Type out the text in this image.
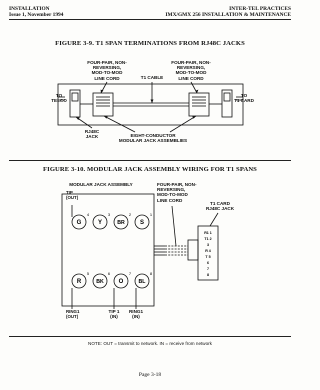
INSTALLATION
Issue 1, November 1994
INTER-TEL PRACTICES
IMX/GMX 256 INSTALLATION & MAINTENANCE
FIGURE 3-9. T1 SPAN TERMINATIONS FROM RJ48C JACKS
FOUR-PAIR, NON-
REVERSING,
MOD-TO-MOD
LINE CORD	T1 CABLE
FOUR-PAIR, NON-
REVERSING,
MOD-TO-MOD
LINE CORD
TO
TELCO
TO
T1 CARD
RJ48C
JACK	EIGHT-CONDUCTOR
MODULAR JACK ASSEMBLIES
FIGURE 3-10. MODULAR JACK ASSEMBLY WIRING FOR T1 SPANS
MODULAR JACK ASSEMBLY
TIP
(OUT)
FOUR-PAIR, NON-
REVERSING,
MOD-TO-MOD
LINE CORD
T1 CARD
RJ48C JACK
RING1
(OUT)
TIP 1
(IN)
RING1
(IN)
G
4
Y
3
BR
2
S
1
R
5
BK
6
O
7
BL
8
R1 1
T1 2
3
R 4
T 5
6
7
8
NOTE: OUT = transmit to network. IN = receive from network
Page 3-18
